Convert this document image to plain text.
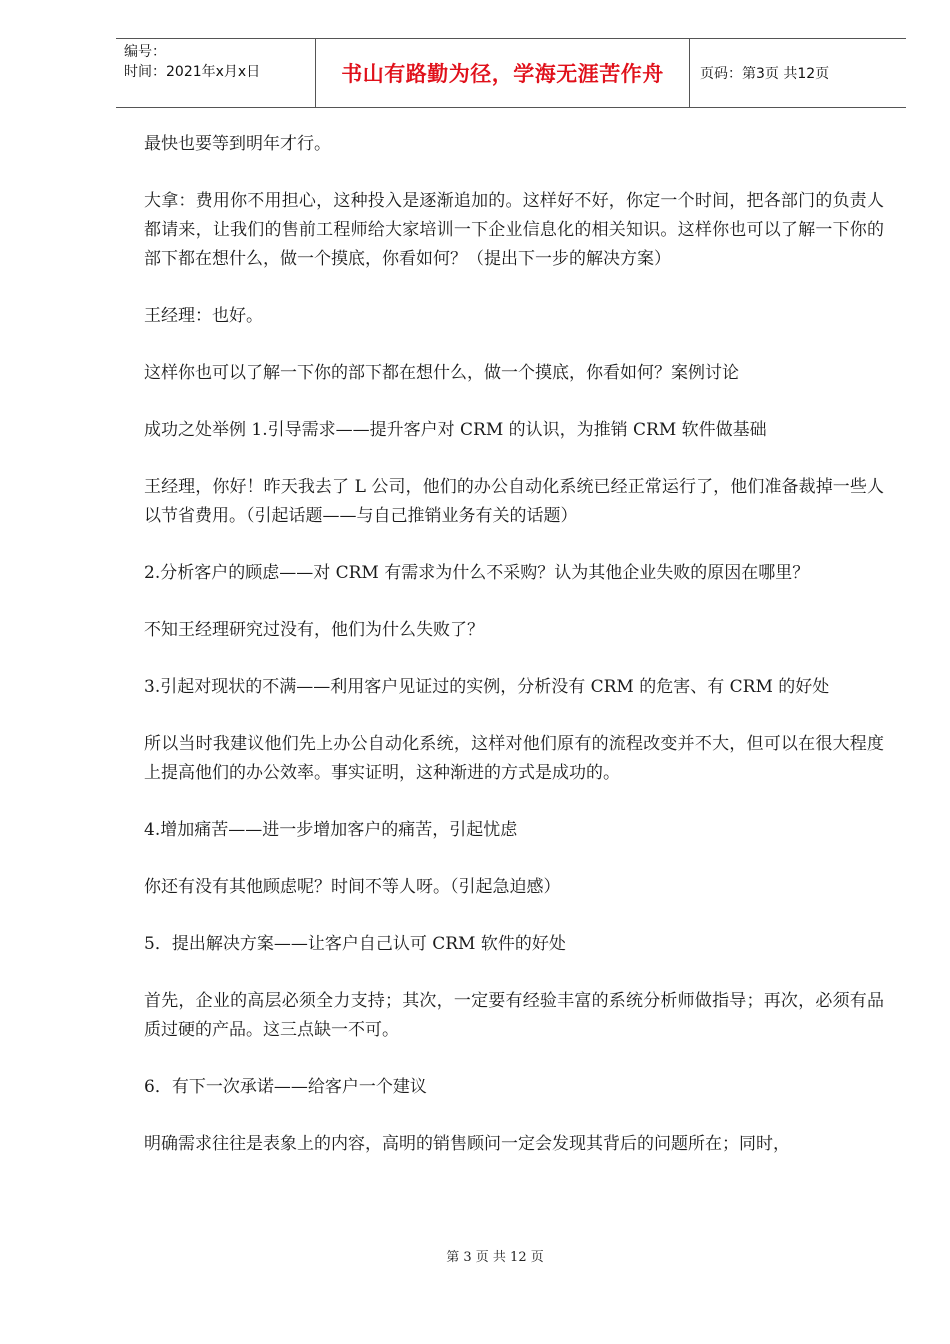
编号：
时间：2021年x月x日	书山有路勤为径，学海无涯苦作舟	页码：第3页 共12页

最快也要等到明年才行。

大拿：费用你不用担心，这种投入是逐渐追加的。这样好不好，你定一个时间，把各部门的负责人都请来，让我们的售前工程师给大家培训一下企业信息化的相关知识。这样你也可以了解一下你的部下都在想什么，做一个摸底，你看如何？（提出下一步的解决方案）

王经理：也好。

这样你也可以了解一下你的部下都在想什么，做一个摸底，你看如何？案例讨论

成功之处举例 1.引导需求——提升客户对 CRM 的认识，为推销 CRM 软件做基础

王经理，你好！昨天我去了 L 公司，他们的办公自动化系统已经正常运行了，他们准备裁掉一些人以节省费用。（引起话题——与自己推销业务有关的话题）

2.分析客户的顾虑——对 CRM 有需求为什么不采购？认为其他企业失败的原因在哪里？

不知王经理研究过没有，他们为什么失败了？

3.引起对现状的不满——利用客户见证过的实例，分析没有 CRM 的危害、有 CRM 的好处

所以当时我建议他们先上办公自动化系统，这样对他们原有的流程改变并不大，但可以在很大程度上提高他们的办公效率。事实证明，这种渐进的方式是成功的。

4.增加痛苦——进一步增加客户的痛苦，引起忧虑

你还有没有其他顾虑呢？时间不等人呀。（引起急迫感）

5．提出解决方案——让客户自己认可 CRM 软件的好处

首先，企业的高层必须全力支持；其次，一定要有经验丰富的系统分析师做指导；再次，必须有品质过硬的产品。这三点缺一不可。

6．有下一次承诺——给客户一个建议

明确需求往往是表象上的内容，高明的销售顾问一定会发现其背后的问题所在；同时，

第 3 页 共 12 页
